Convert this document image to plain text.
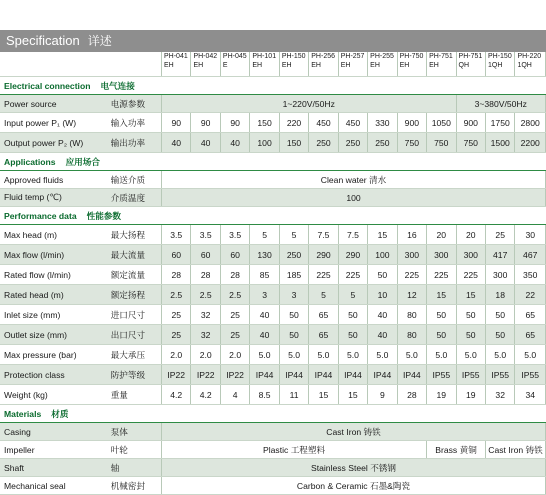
Specification 详述
		PH-041EH	PH-042EH	PH-045E	PH-101EH	PH-150EH	PH-256EH	PH-257EH	PH-255EH	PH-750EH	PH-751EH	PH-751QH	PH-1501QH	PH-2201QH
Electrical connection 电气连接														
Power source	电源参数	1~220V/50Hz										3~380V/50Hz		
Input power P₁ (W)	输入功率	90	90	90	150	220	450	450	330	900	1050	900	1750	2800
Output power P₂ (W)	输出功率	40	40	40	100	150	250	250	250	750	750	750	1500	2200
Applications 应用场合														
Approved fluids	输送介质	Clean water 清水												
Fluid temp (℃)	介质温度	100												
Performance data 性能参数														
Max head (m)	最大扬程	3.5	3.5	3.5	5	5	7.5	7.5	15	16	20	20	25	30
Max flow (l/min)	最大流量	60	60	60	130	250	290	290	100	300	300	300	417	467
Rated flow (l/min)	额定流量	28	28	28	85	185	225	225	50	225	225	225	300	350
Rated head (m)	额定扬程	2.5	2.5	2.5	3	3	5	5	10	12	15	15	18	22
Inlet size (mm)	进口尺寸	25	32	25	40	50	65	50	40	80	50	50	50	65
Outlet size (mm)	出口尺寸	25	32	25	40	50	65	50	40	80	50	50	50	65
Max pressure (bar)	最大承压	2.0	2.0	2.0	5.0	5.0	5.0	5.0	5.0	5.0	5.0	5.0	5.0	5.0
Protection class	防护等级	IP22	IP22	IP22	IP44	IP44	IP44	IP44	IP44	IP44	IP55	IP55	IP55	IP55
Weight (kg)	重量	4.2	4.2	4	8.5	11	15	15	9	28	19	19	32	34
Materials 材质														
Casing	泵体	Cast Iron 铸铁												
Impeller	叶轮	Plastic 工程塑料									Brass 黄铜		Cast Iron 铸铁	
Shaft	轴	Stainless Steel 不锈钢												
Mechanical seal	机械密封	Carbon & Ceramic 石墨&陶瓷												
